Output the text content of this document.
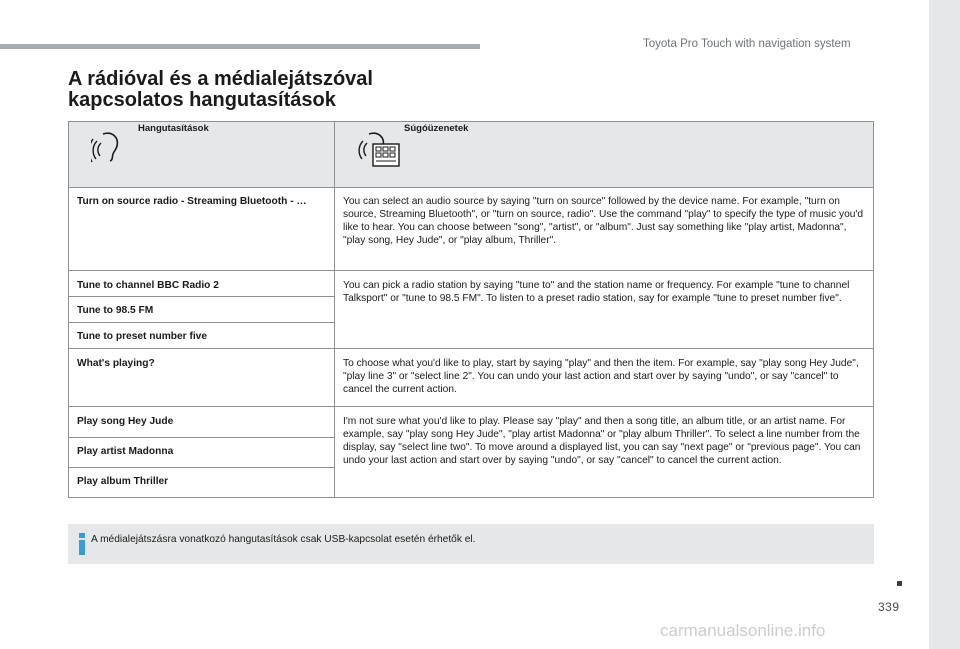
Toyota Pro Touch with navigation system
A rádióval és a médialejátszóval
kapcsolatos hangutasítások
Hangutasítások	Súgóüzenetek

Turn on source radio - Streaming Bluetooth - …	You can select an audio source by saying "turn on source" followed by the device name. For example, "turn on source, Streaming Bluetooth", or "turn on source, radio". Use the command "play" to specify the type of music you'd like to hear. You can choose between "song", "artist", or "album". Just say something like "play artist, Madonna", "play song, Hey Jude", or "play album, Thriller".
Tune to channel BBC Radio 2	You can pick a radio station by saying "tune to" and the station name or frequency. For example "tune to channel Talksport" or "tune to 98.5 FM". To listen to a preset radio station, say for example "tune to preset number five".
Tune to 98.5 FM	
Tune to preset number five	
What's playing?	To choose what you'd like to play, start by saying "play" and then the item. For example, say "play song Hey Jude", "play line 3" or "select line 2". You can undo your last action and start over by saying "undo", or say "cancel" to cancel the current action.
Play song Hey Jude	I'm not sure what you'd like to play. Please say "play" and then a song title, an album title, or an artist name. For example, say "play song Hey Jude", "play artist Madonna" or "play album Thriller". To select a line number from the display, say "select line two". To move around a displayed list, you can say "next page" or "previous page". You can undo your last action and start over by saying "undo", or say "cancel" to cancel the current action.
Play artist Madonna	
Play album Thriller	
A médialejátszásra vonatkozó hangutasítások csak USB-kapcsolat esetén érhetők el.
339
carmanualsonline.info
